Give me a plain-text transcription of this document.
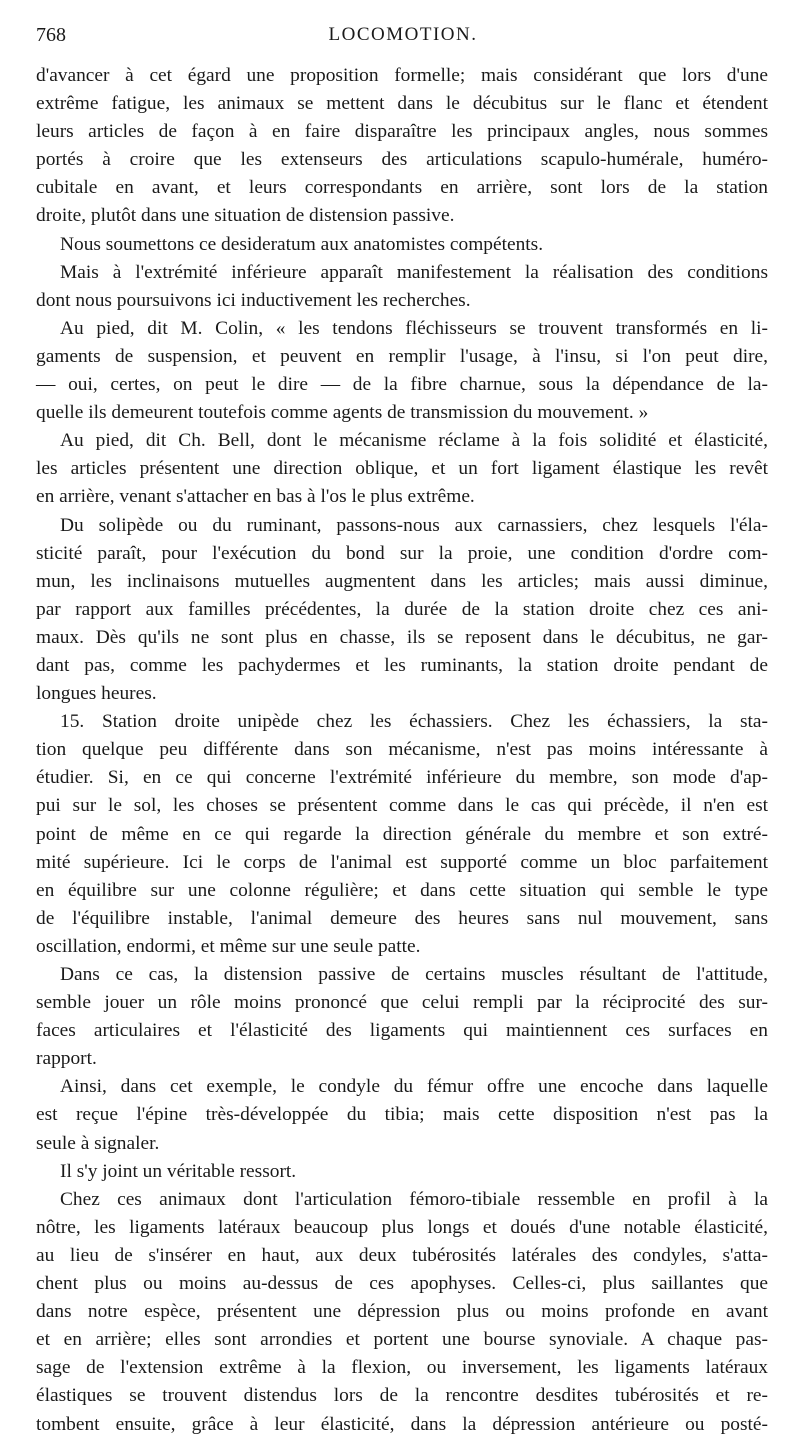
768	LOCOMOTION.
d'avancer à cet égard une proposition formelle; mais considérant que lors d'une
extrême fatigue, les animaux se mettent dans le décubitus sur le flanc et étendent
leurs articles de façon à en faire disparaître les principaux angles, nous sommes
portés à croire que les extenseurs des articulations scapulo-humérale, huméro-
cubitale en avant, et leurs correspondants en arrière, sont lors de la station
droite, plutôt dans une situation de distension passive.
Nous soumettons ce desideratum aux anatomistes compétents.
Mais à l'extrémité inférieure apparaît manifestement la réalisation des conditions
dont nous poursuivons ici inductivement les recherches.
Au pied, dit M. Colin, « les tendons fléchisseurs se trouvent transformés en li-
gaments de suspension, et peuvent en remplir l'usage, à l'insu, si l'on peut dire,
— oui, certes, on peut le dire — de la fibre charnue, sous la dépendance de la-
quelle ils demeurent toutefois comme agents de transmission du mouvement. »
Au pied, dit Ch. Bell, dont le mécanisme réclame à la fois solidité et élasticité,
les articles présentent une direction oblique, et un fort ligament élastique les revêt
en arrière, venant s'attacher en bas à l'os le plus extrême.
Du solipède ou du ruminant, passons-nous aux carnassiers, chez lesquels l'éla-
sticité paraît, pour l'exécution du bond sur la proie, une condition d'ordre com-
mun, les inclinaisons mutuelles augmentent dans les articles; mais aussi diminue,
par rapport aux familles précédentes, la durée de la station droite chez ces ani-
maux. Dès qu'ils ne sont plus en chasse, ils se reposent dans le décubitus, ne gar-
dant pas, comme les pachydermes et les ruminants, la station droite pendant de
longues heures.
15. Station droite unipède chez les échassiers. Chez les échassiers, la sta-
tion quelque peu différente dans son mécanisme, n'est pas moins intéressante à
étudier. Si, en ce qui concerne l'extrémité inférieure du membre, son mode d'ap-
pui sur le sol, les choses se présentent comme dans le cas qui précède, il n'en est
point de même en ce qui regarde la direction générale du membre et son extré-
mité supérieure. Ici le corps de l'animal est supporté comme un bloc parfaitement
en équilibre sur une colonne régulière; et dans cette situation qui semble le type
de l'équilibre instable, l'animal demeure des heures sans nul mouvement, sans
oscillation, endormi, et même sur une seule patte.
Dans ce cas, la distension passive de certains muscles résultant de l'attitude,
semble jouer un rôle moins prononcé que celui rempli par la réciprocité des sur-
faces articulaires et l'élasticité des ligaments qui maintiennent ces surfaces en
rapport.
Ainsi, dans cet exemple, le condyle du fémur offre une encoche dans laquelle
est reçue l'épine très-développée du tibia; mais cette disposition n'est pas la
seule à signaler.
Il s'y joint un véritable ressort.
Chez ces animaux dont l'articulation fémoro-tibiale ressemble en profil à la
nôtre, les ligaments latéraux beaucoup plus longs et doués d'une notable élasticité,
au lieu de s'insérer en haut, aux deux tubérosités latérales des condyles, s'atta-
chent plus ou moins au-dessus de ces apophyses. Celles-ci, plus saillantes que
dans notre espèce, présentent une dépression plus ou moins profonde en avant
et en arrière; elles sont arrondies et portent une bourse synoviale. A chaque pas-
sage de l'extension extrême à la flexion, ou inversement, les ligaments latéraux
élastiques se trouvent distendus lors de la rencontre desdites tubérosités et re-
tombent ensuite, grâce à leur élasticité, dans la dépression antérieure ou posté-
